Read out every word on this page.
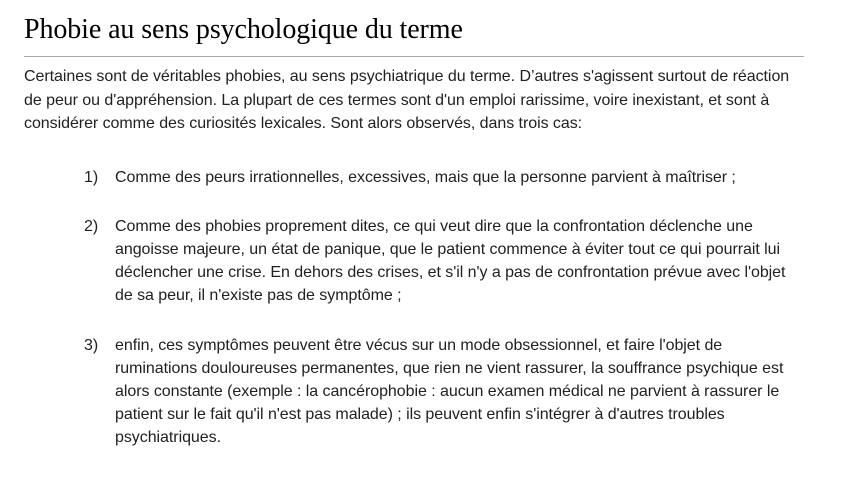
Phobie au sens psychologique du terme

Certaines sont de véritables phobies, au sens psychiatrique du terme. D’autres s'agissent surtout de réaction de peur ou d'appréhension. La plupart de ces termes sont d'un emploi rarissime, voire inexistant, et sont à considérer comme des curiosités lexicales. Sont alors observés, dans trois cas:

1) Comme des peurs irrationnelles, excessives, mais que la personne parvient à maîtriser ;
2) Comme des phobies proprement dites, ce qui veut dire que la confrontation déclenche une angoisse majeure, un état de panique, que le patient commence à éviter tout ce qui pourrait lui déclencher une crise. En dehors des crises, et s'il n'y a pas de confrontation prévue avec l'objet de sa peur, il n'existe pas de symptôme ;
3) enfin, ces symptômes peuvent être vécus sur un mode obsessionnel, et faire l'objet de ruminations douloureuses permanentes, que rien ne vient rassurer, la souffrance psychique est alors constante (exemple : la cancérophobie : aucun examen médical ne parvient à rassurer le patient sur le fait qu'il n'est pas malade) ; ils peuvent enfin s'intégrer à d'autres troubles psychiatriques.
